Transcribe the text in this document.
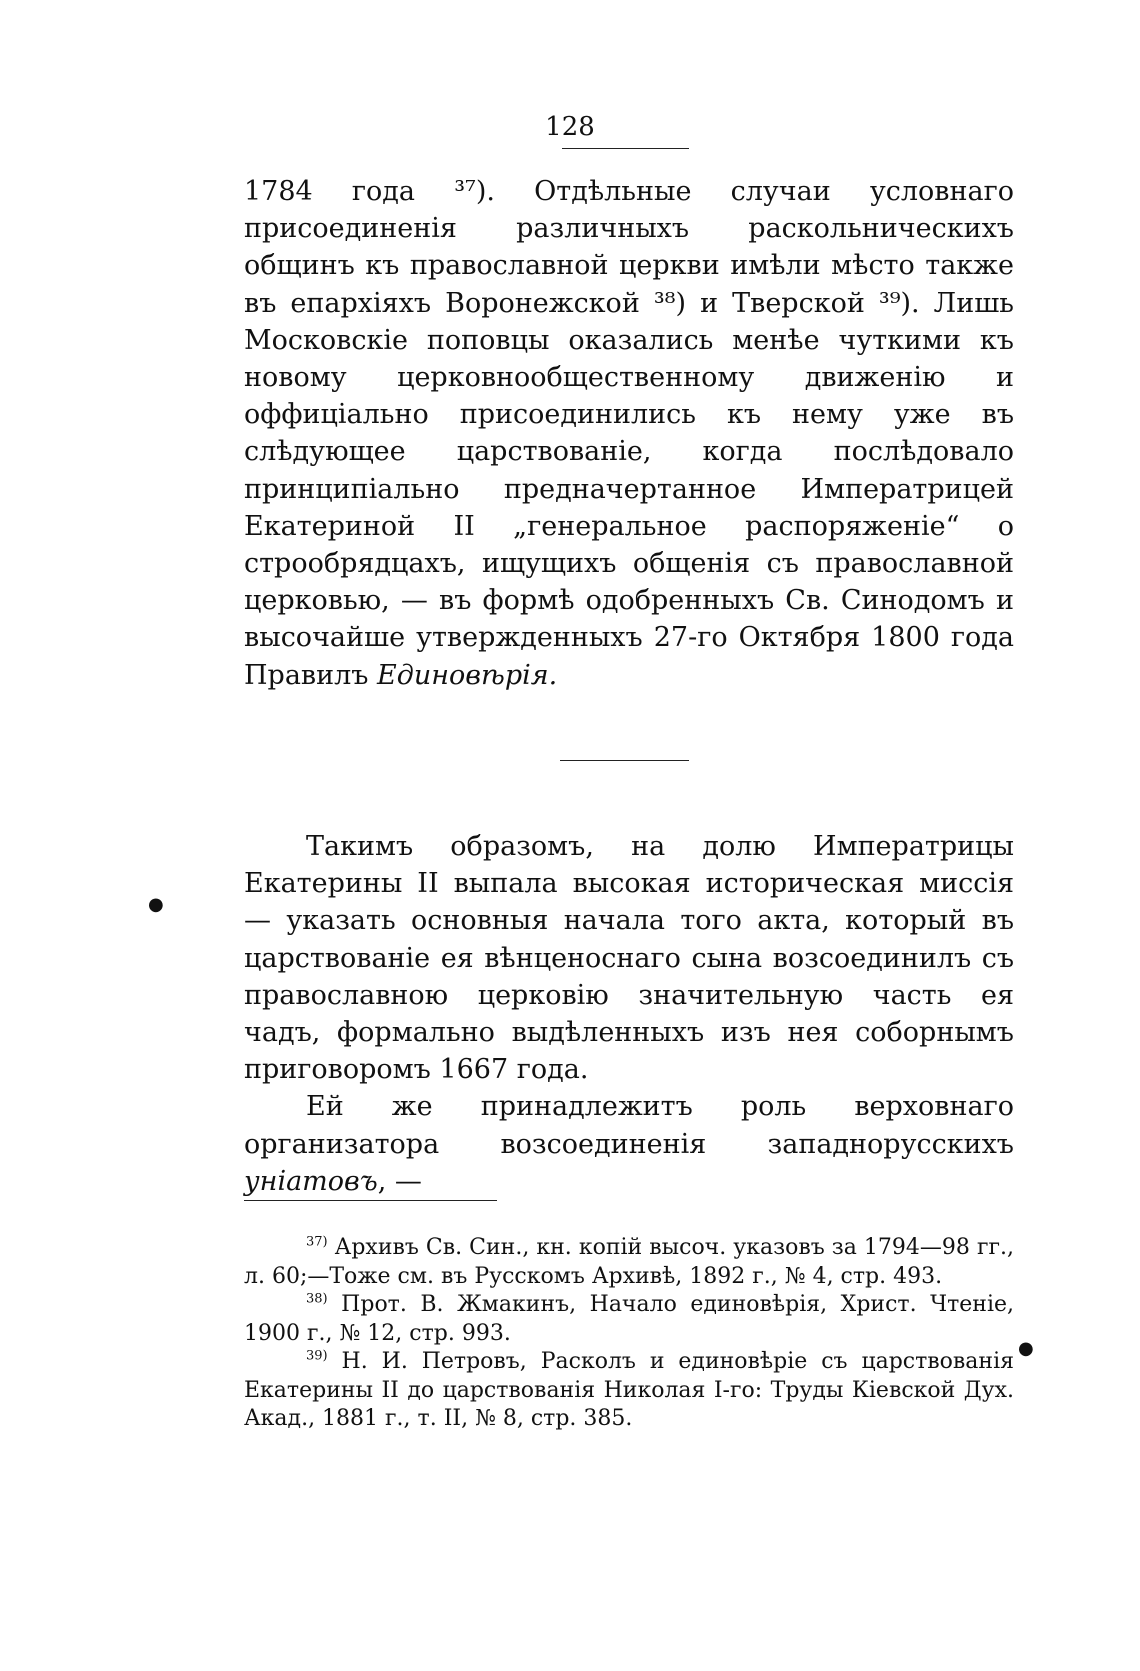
128

1784 года ³⁷). Отдѣльные случаи условнаго присоединенія различныхъ раскольническихъ общинъ къ православной церкви имѣли мѣсто также въ епархіяхъ Воронежской ³⁸) и Тверской ³⁹). Лишь Московскіе поповцы оказались менѣе чуткими къ новому церковнообщественному движенію и оффиціально присоединились къ нему уже въ слѣдующее царствованіе, когда послѣдовало принципіально предначертанное Императрицей Екатериной II „генеральное распоряженіе“ о строобрядцахъ, ищущихъ общенія съ православной церковью, — въ формѣ одобренныхъ Св. Синодомъ и высочайше утвержденныхъ 27-го Октября 1800 года Правилъ Единовѣрія.

Такимъ образомъ, на долю Императрицы Екатерины II выпала высокая историческая миссія — указать основныя начала того акта, который въ царствованіе ея вѣнценоснаго сына возсоединилъ съ православною церковію значительную часть ея чадъ, формально выдѣленныхъ изъ нея соборнымъ приговоромъ 1667 года.

Ей же принадлежитъ роль верховнаго организатора возсоединенія западнорусскихъ уніатовъ, —

$^{37)}$ Архивъ Св. Син., кн. копій высоч. указовъ за 1794—98 гг., л. 60;—Тоже см. въ Русскомъ Архивѣ, 1892 г., № 4, стр. 493.

$^{38)}$ Прот. В. Жмакинъ, Начало единовѣрія, Христ. Чтеніе, 1900 г., № 12, стр. 993.

$^{39)}$ Н. И. Петровъ, Расколъ и единовѣріе съ царствованія Екатерины II до царствованія Николая I-го: Труды Кіевской Дух. Акад., 1881 г., т. II, № 8, стр. 385.

●
●
